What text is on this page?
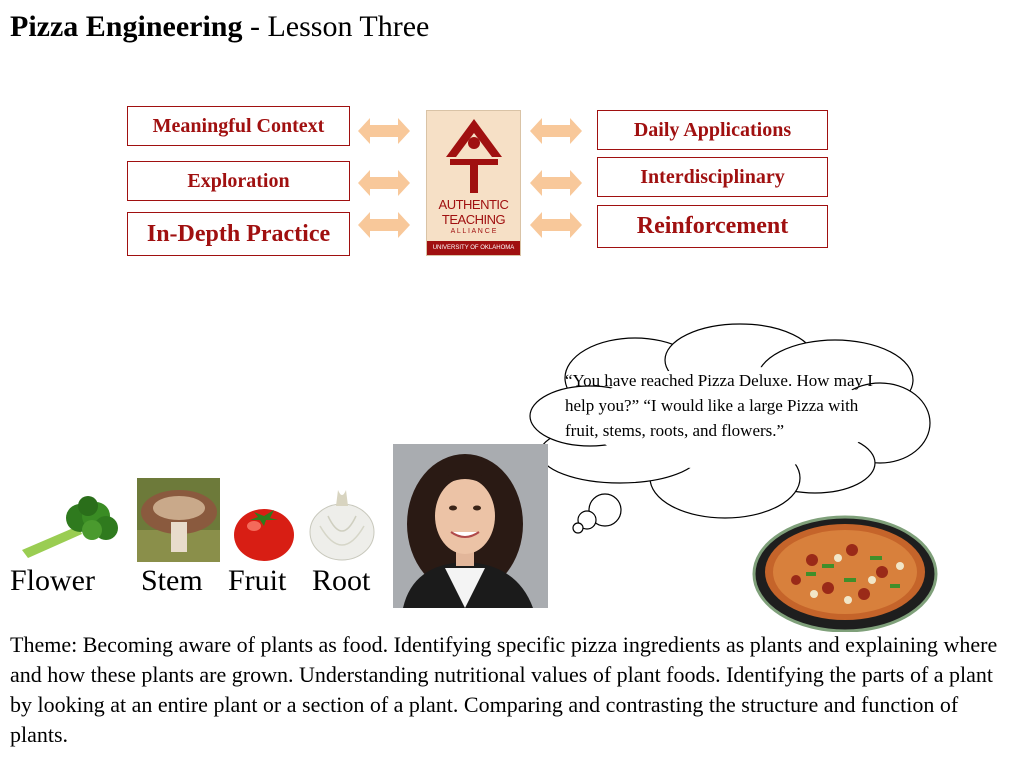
Pizza Engineering - Lesson Three
Meaningful Context
Exploration
In-Depth Practice
Daily Applications
Interdisciplinary
Reinforcement
AUTHENTIC
TEACHING
A L L I A N C E
UNIVERSITY OF OKLAHOMA
“You have reached Pizza Deluxe. How may I help you?” “I would like a large Pizza with fruit, stems, roots, and flowers.”
Flower Stem Fruit Root
Theme: Becoming aware of plants as food. Identifying specific pizza ingredients as plants and explaining where and how these plants are grown. Understanding nutritional values of plant foods. Identifying the parts of a plant by looking at an entire plant or a section of a plant. Comparing and contrasting the structure and function of plants.
